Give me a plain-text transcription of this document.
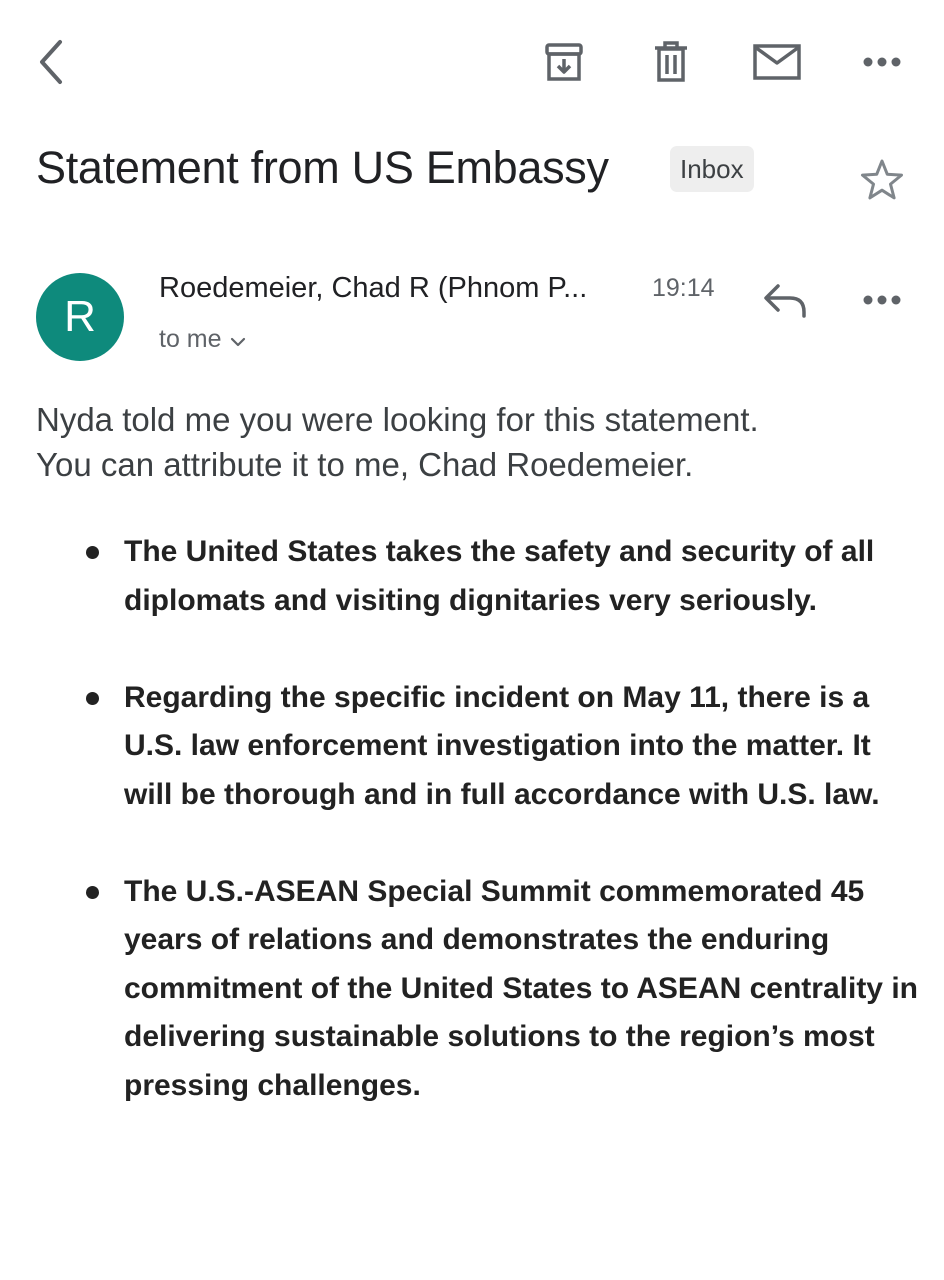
Statement from US Embassy	Inbox
R
Roedemeier, Chad R (Phnom P...	19:14
to me

Nyda told me you were looking for this statement.

You can attribute it to me, Chad Roedemeier.

The United States takes the safety and security of all diplomats and visiting dignitaries very seriously.
Regarding the specific incident on May 11, there is a U.S. law enforcement investigation into the matter. It will be thorough and in full accordance with U.S. law.
The U.S.-ASEAN Special Summit commemorated 45 years of relations and demonstrates the enduring commitment of the United States to ASEAN centrality in delivering sustainable solutions to the region’s most pressing challenges.
